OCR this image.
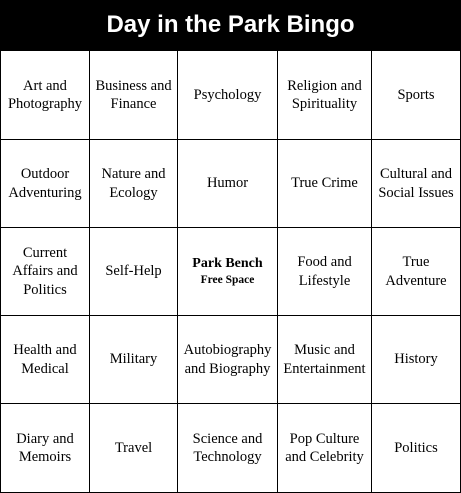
Day in the Park Bingo
Art and
Photography
Business and
Finance
Psychology
Religion and
Spirituality
Sports
Outdoor
Adventuring
Nature and
Ecology
Humor	True Crime
Cultural and
Social Issues
Current
Affairs and
Politics
Self-Help
Park Bench
Free Space
Food and
Lifestyle
True
Adventure
Health and
Medical
Military
Autobiography
and Biography
Music and
Entertainment
History
Diary and
Memoirs
Travel
Science and
Technology
Pop Culture
and Celebrity
Politics
